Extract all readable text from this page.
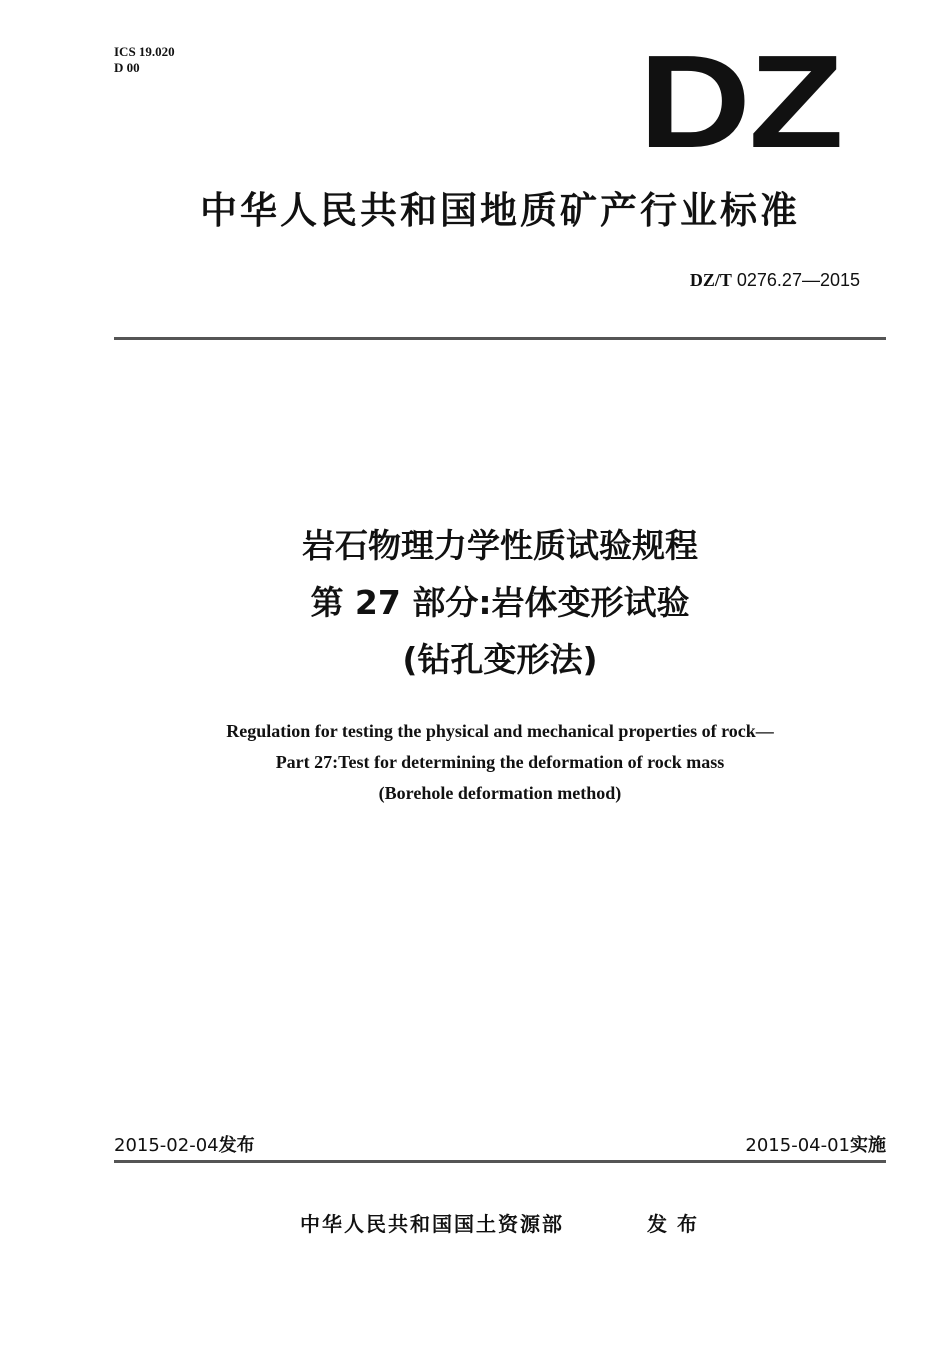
ICS 19.020
D 00	DZ
中华人民共和国地质矿产行业标准
DZ/T 0276.27—2015
岩石物理力学性质试验规程
第 27 部分:岩体变形试验
(钻孔变形法)
Regulation for testing the physical and mechanical properties of rock—
Part 27:Test for determining the deformation of rock mass
(Borehole deformation method)
2015-02-04发布	2015-04-01实施
中华人民共和国国土资源部	发布
